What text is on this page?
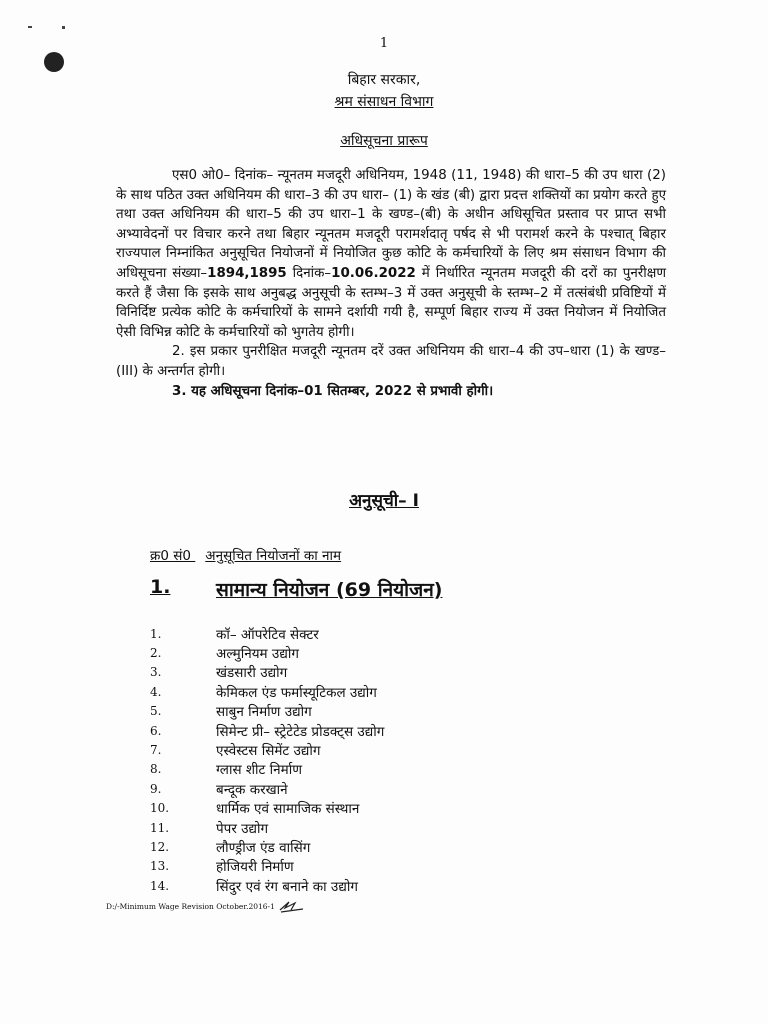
1
बिहार सरकार,
श्रम संसाधन विभाग
अधिसूचना प्रारूप

एस0 ओ0– दिनांक– न्यूनतम मजदूरी अधिनियम, 1948 (11, 1948) की धारा–5 की उप धारा (2) के साथ पठित उक्त अधिनियम की धारा–3 की उप धारा– (1) के खंड (बी) द्वारा प्रदत्त शक्तियों का प्रयोग करते हुए तथा उक्त अधिनियम की धारा–5 की उप धारा–1 के खण्ड–(बी) के अधीन अधिसूचित प्रस्ताव पर प्राप्त सभी अभ्यावेदनों पर विचार करने तथा बिहार न्यूनतम मजदूरी परामर्शदातृ पर्षद से भी परामर्श करने के पश्चात् बिहार राज्यपाल निम्नांकित अनुसूचित नियोजनों में नियोजित कुछ कोटि के कर्मचारियों के लिए श्रम संसाधन विभाग की अधिसूचना संख्या–1894,1895 दिनांक–10.06.2022 में निर्धारित न्यूनतम मजदूरी की दरों का पुनरीक्षण करते हैं जैसा कि इसके साथ अनुबद्ध अनुसूची के स्तम्भ–3 में उक्त अनुसूची के स्तम्भ–2 में तत्संबंधी प्रविष्टियों में विनिर्दिष्ट प्रत्येक कोटि के कर्मचारियों के सामने दर्शायी गयी है, सम्पूर्ण बिहार राज्य में उक्त नियोजन में नियोजित ऐसी विभिन्न कोटि के कर्मचारियों को भुगतेय होगी।

2. इस प्रकार पुनरीक्षित मजदूरी न्यूनतम दरें उक्त अधिनियम की धारा–4 की उप–धारा (1) के खण्ड–(III) के अन्तर्गत होगी।

3. यह अधिसूचना दिनांक–01 सितम्बर, 2022 से प्रभावी होगी।

अनुसूची– I
क्र0 सं0 अनुसूचित नियोजनों का नाम
1.	सामान्य नियोजन (69 नियोजन)
1.	कॉ– ऑपरेटिव सेक्टर
2.	अल्मुनियम उद्योग
3.	खंडसारी उद्योग
4.	केमिकल एंड फर्मास्यूटिकल उद्योग
5.	साबुन निर्माण उद्योग
6.	सिमेन्ट प्री– स्ट्रेटेटेड प्रोडक्ट्स उद्योग
7.	एस्वेस्टस सिमेंट उद्योग
8.	ग्लास शीट निर्माण
9.	बन्दूक करखाने
10.	धार्मिक एवं सामाजिक संस्थान
11.	पेपर उद्योग
12.	लौण्ड्रीज एंड वासिंग
13.	होजियरी निर्माण
14.	सिंदुर एवं रंग बनाने का उद्योग
D:/-Minimum Wage Revision October.2016-1
